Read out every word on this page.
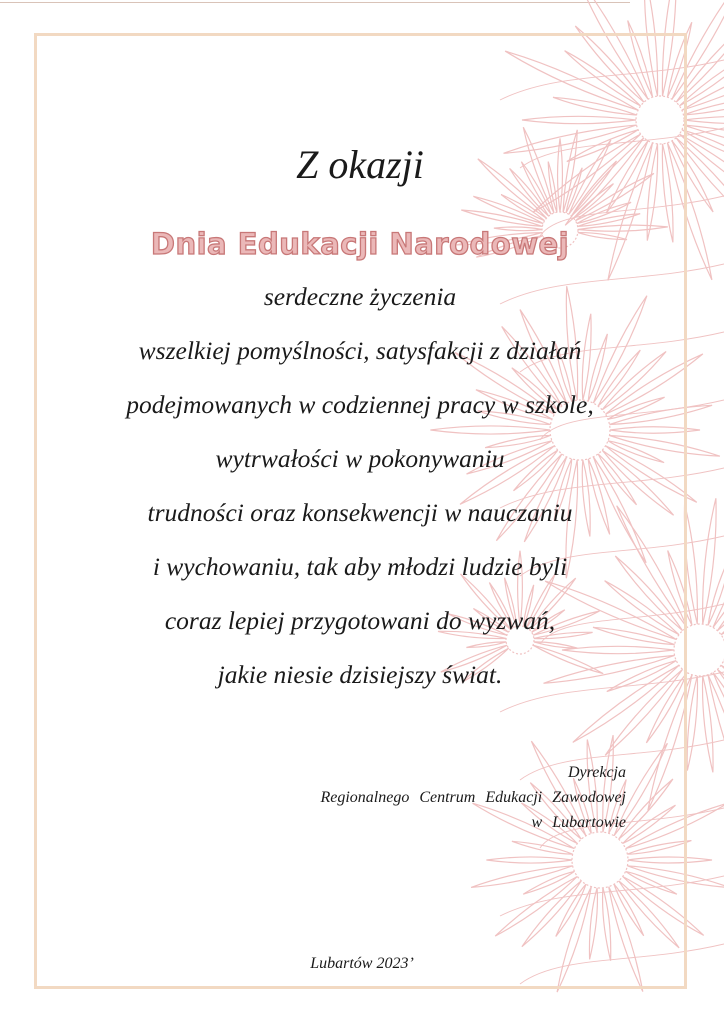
Z okazji
Dnia Edukacji Narodowej

serdeczne życzenia

wszelkiej pomyślności, satysfakcji z działań

podejmowanych w codziennej pracy w szkole,

wytrwałości w pokonywaniu

trudności oraz konsekwencji w nauczaniu

i wychowaniu, tak aby młodzi ludzie byli

coraz lepiej przygotowani do wyzwań,

jakie niesie dzisiejszy świat.

Dyrekcja
Regionalnego Centrum Edukacji Zawodowej
w Lubartowie
Lubartów 2023’
